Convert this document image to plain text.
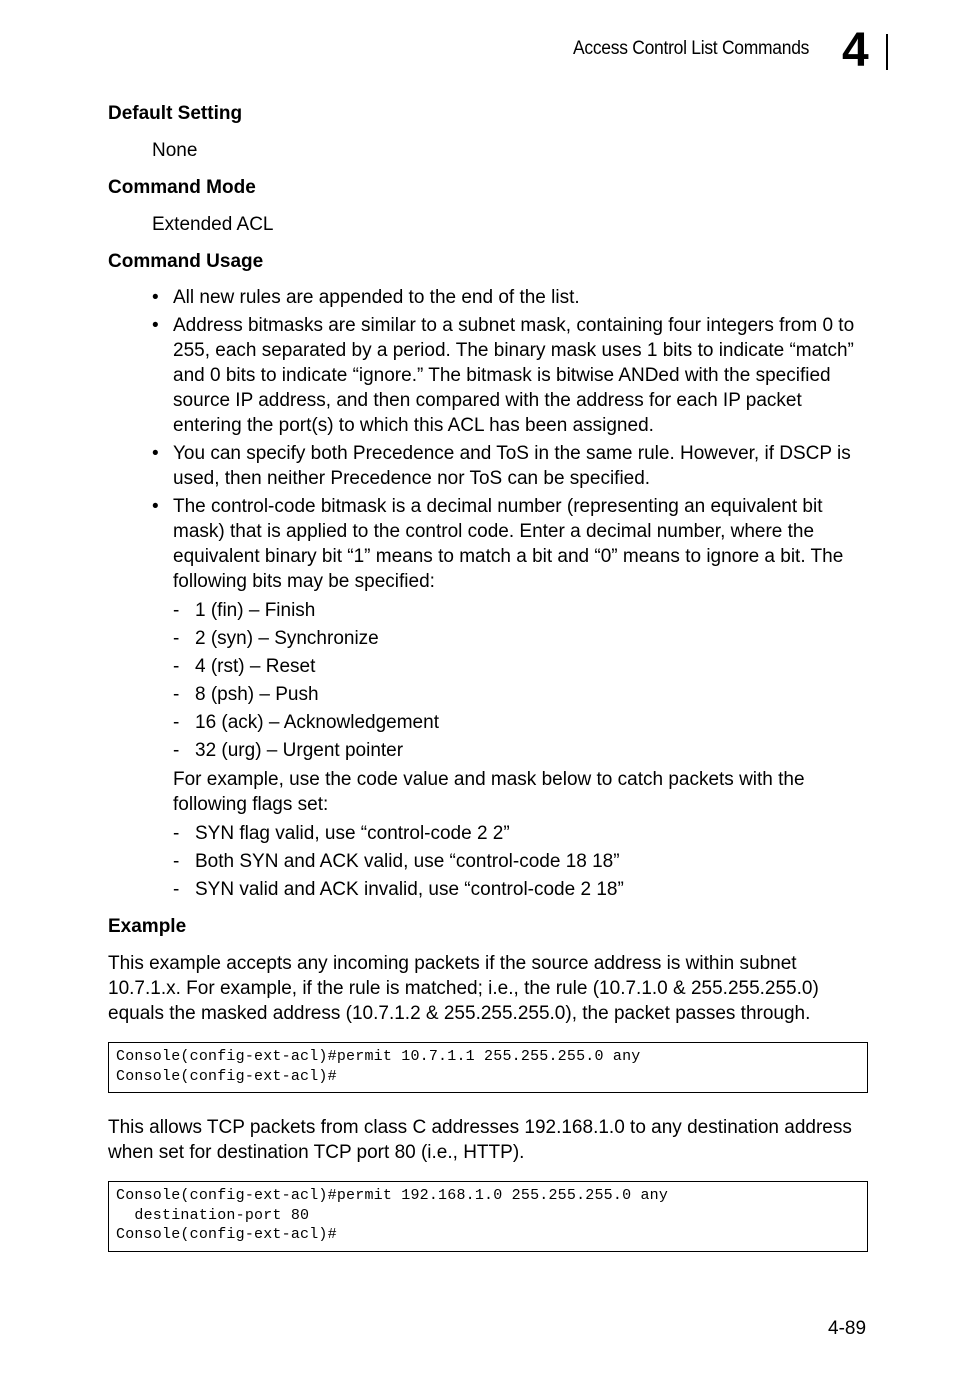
Access Control List Commands 4
Default Setting

None

Command Mode

Extended ACL

Command Usage
• All new rules are appended to the end of the list.
• Address bitmasks are similar to a subnet mask, containing four integers from 0 to 255, each separated by a period. The binary mask uses 1 bits to indicate “match” and 0 bits to indicate “ignore.” The bitmask is bitwise ANDed with the specified source IP address, and then compared with the address for each IP packet entering the port(s) to which this ACL has been assigned.
• You can specify both Precedence and ToS in the same rule. However, if DSCP is used, then neither Precedence nor ToS can be specified.
• The control-code bitmask is a decimal number (representing an equivalent bit mask) that is applied to the control code. Enter a decimal number, where the equivalent binary bit “1” means to match a bit and “0” means to ignore a bit. The following bits may be specified:
- 1 (fin) – Finish
- 2 (syn) – Synchronize
- 4 (rst) – Reset
- 8 (psh) – Push
- 16 (ack) – Acknowledgement
- 32 (urg) – Urgent pointer

For example, use the code value and mask below to catch packets with the following flags set:

- SYN flag valid, use “control-code 2 2”
- Both SYN and ACK valid, use “control-code 18 18”
- SYN valid and ACK invalid, use “control-code 2 18”
Example

This example accepts any incoming packets if the source address is within subnet 10.7.1.x. For example, if the rule is matched; i.e., the rule (10.7.1.0 & 255.255.255.0) equals the masked address (10.7.1.2 & 255.255.255.0), the packet passes through.

Console(config-ext-acl)#permit 10.7.1.1 255.255.255.0 any
Console(config-ext-acl)#

This allows TCP packets from class C addresses 192.168.1.0 to any destination address when set for destination TCP port 80 (i.e., HTTP).

Console(config-ext-acl)#permit 192.168.1.0 255.255.255.0 any
destination-port 80
Console(config-ext-acl)#
4-89
